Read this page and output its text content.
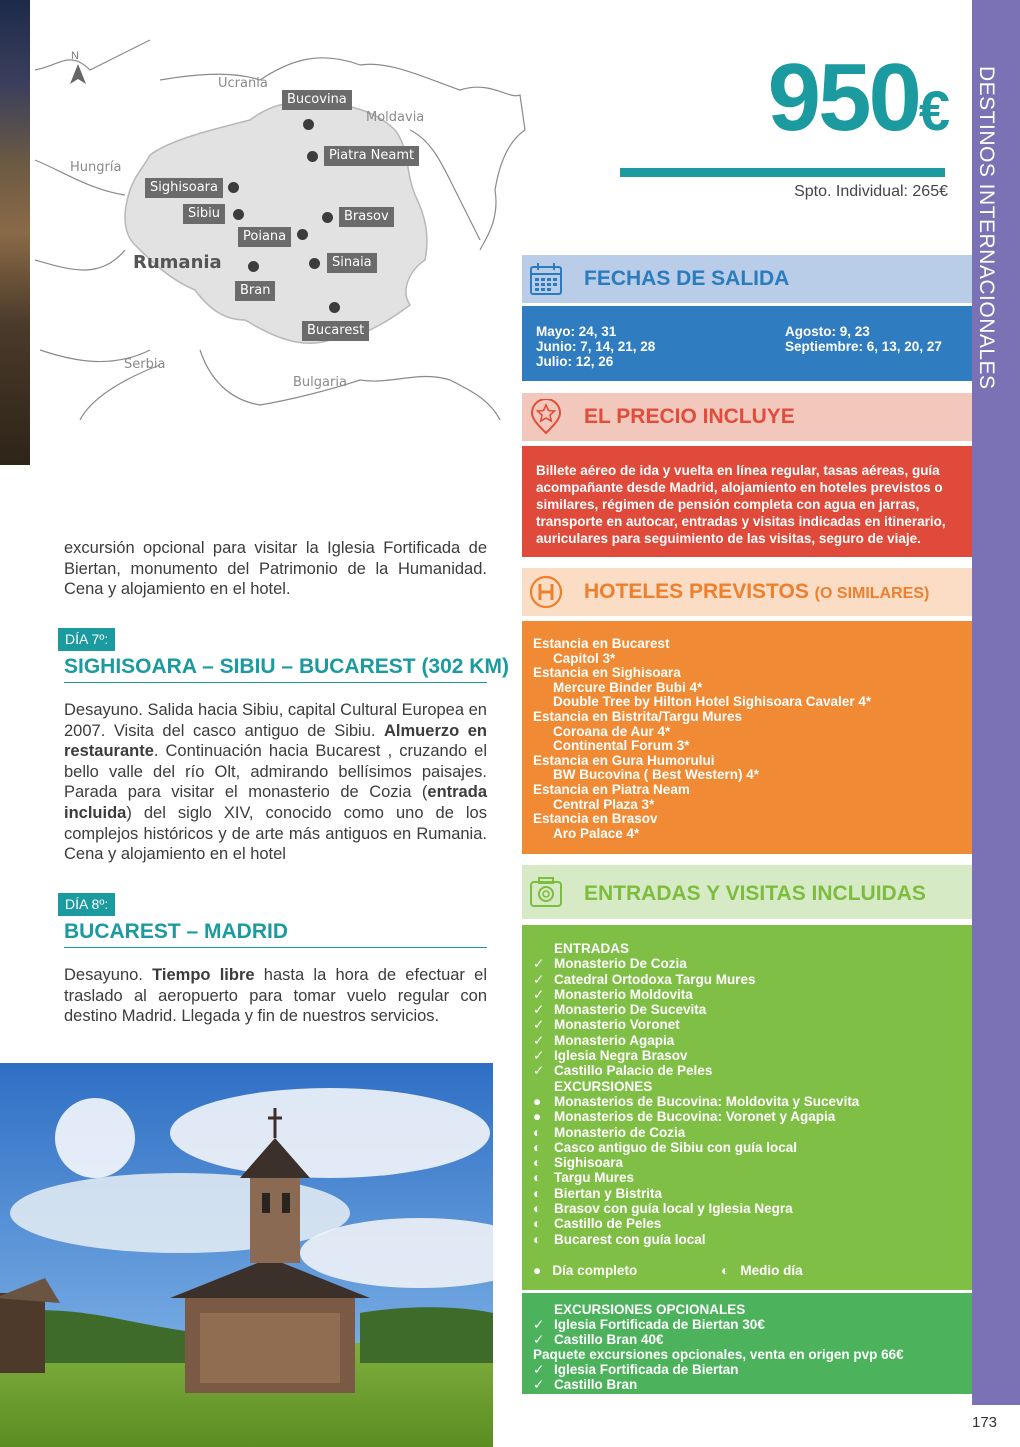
N
Ucrania
Moldavia
Hungría
Serbia
Bulgaria
Rumania
Bucovina
Piatra Neamt
Sighisoara
Sibiu	Brasov
Poiana
Sinaia
Bran
Bucarest	DESTINOS INTERNACIONALES
173
950€
Spto. Individual: 265€
FECHAS DE SALIDA
Mayo: 24, 31
Junio: 7, 14, 21, 28
Julio: 12, 26
Agosto: 9, 23
Septiembre: 6, 13, 20, 27
EL PRECIO INCLUYE
Billete aéreo de ida y vuelta en línea regular, tasas aéreas, guía acompañante desde Madrid, alojamiento en hoteles previstos o similares, régimen de pensión completa con agua en jarras, transporte en autocar, entradas y visitas indicadas en itinerario, auriculares para seguimiento de las visitas, seguro de viaje.
HOTELES PREVISTOS (O SIMILARES)
Estancia en Bucarest
Capitol 3*
Estancia en Sighisoara
Mercure Binder Bubi 4*
Double Tree by Hilton Hotel Sighisoara Cavaler 4*
Estancia en Bistrita/Targu Mures
Coroana de Aur 4*
Continental Forum 3*
Estancia en Gura Humorului
BW Bucovina ( Best Western) 4*
Estancia en Piatra Neam
Central Plaza 3*
Estancia en Brasov
Aro Palace 4*
ENTRADAS Y VISITAS INCLUIDAS
ENTRADAS
✓ Monasterio De Cozia
✓ Catedral Ortodoxa Targu Mures
✓ Monasterio Moldovita
✓ Monasterio De Sucevita
✓ Monasterio Voronet
✓ Monasterio Agapia
✓ Iglesia Negra Brasov
✓ Castillo Palacio de Peles
EXCURSIONES
● Monasterios de Bucovina: Moldovita y Sucevita
● Monasterios de Bucovina: Voronet y Agapia
◐ Monasterio de Cozia
◐ Casco antiguo de Sibiu con guía local
◐ Sighisoara
◐ Targu Mures
◐ Biertan y Bistrita
◐ Brasov con guía local y Iglesia Negra
◐ Castillo de Peles
◐ Bucarest con guía local
● Día completo	◐ Medio día
EXCURSIONES OPCIONALES
✓ Iglesia Fortificada de Biertan 30€
✓ Castillo Bran 40€
Paquete excursiones opcionales, venta en origen pvp 66€
✓ Iglesia Fortificada de Biertan
✓ Castillo Bran
excursión opcional para visitar la Iglesia Fortificada de Biertan, monumento del Patrimonio de la Humanidad. Cena y alojamiento en el hotel.
DÍA 7º:
SIGHISOARA – SIBIU – BUCAREST (302 KM)
Desayuno. Salida hacia Sibiu, capital Cultural Europea en 2007. Visita del casco antiguo de Sibiu. Almuerzo en restaurante. Continuación hacia Bucarest , cruzando el bello valle del río Olt, admirando bellísimos paisajes. Parada para visitar el monasterio de Cozia (entrada incluida) del siglo XIV, conocido como uno de los complejos históricos y de arte más antiguos en Rumania. Cena y alojamiento en el hotel
DÍA 8º:
BUCAREST – MADRID
Desayuno. Tiempo libre hasta la hora de efectuar el traslado al aeropuerto para tomar vuelo regular con destino Madrid. Llegada y fin de nuestros servicios.
